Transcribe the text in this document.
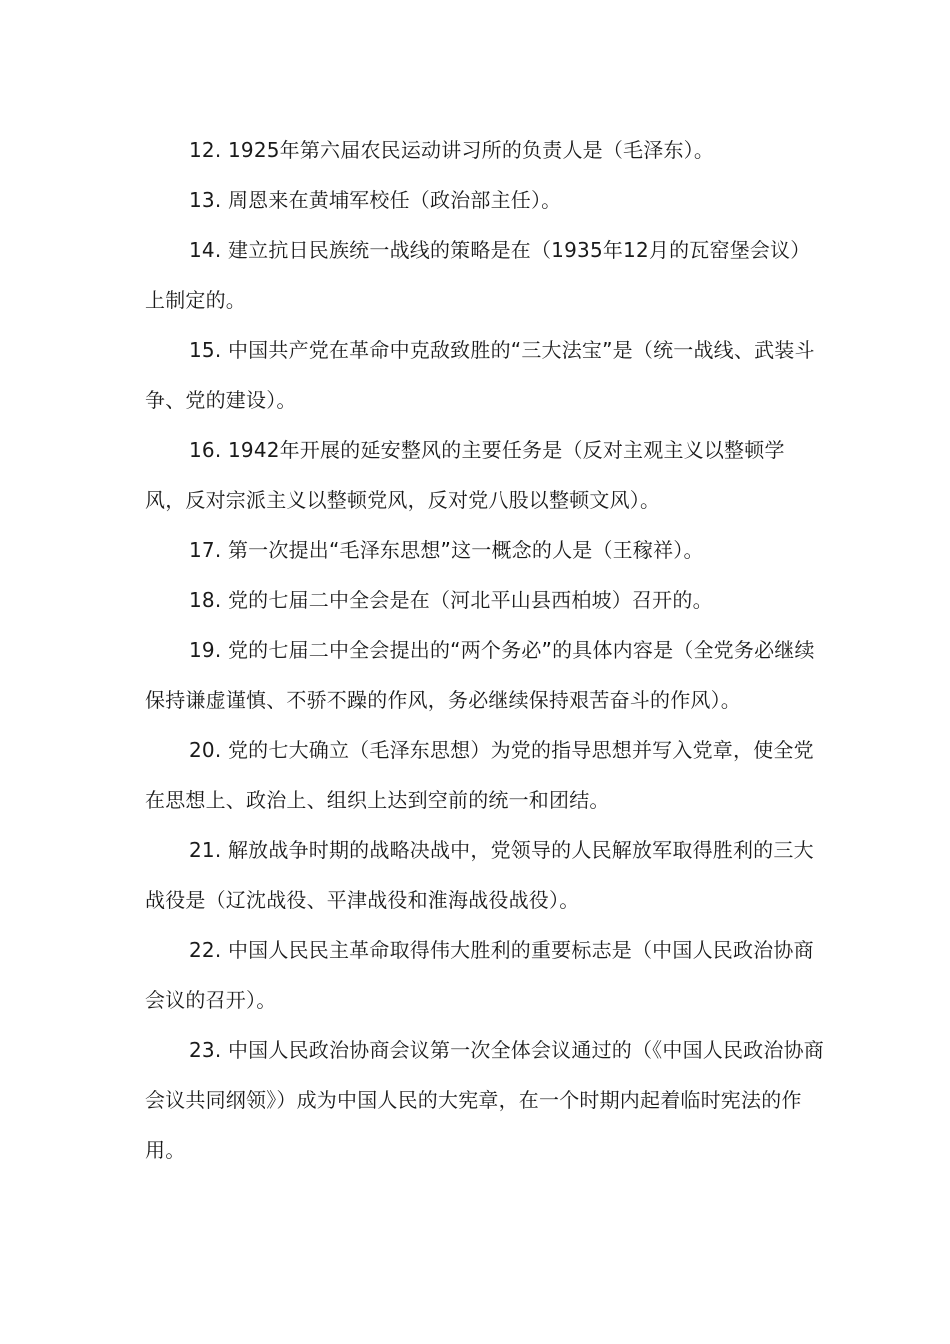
12. 1925年第六届农民运动讲习所的负责人是（毛泽东）。

13. 周恩来在黄埔军校任（政治部主任）。

14. 建立抗日民族统一战线的策略是在（1935年12月的瓦窑堡会议）上制定的。

15. 中国共产党在革命中克敌致胜的“三大法宝”是（统一战线、武装斗争、党的建设）。

16. 1942年开展的延安整风的主要任务是（反对主观主义以整顿学风，反对宗派主义以整顿党风，反对党八股以整顿文风）。

17. 第一次提出“毛泽东思想”这一概念的人是（王稼祥）。

18. 党的七届二中全会是在（河北平山县西柏坡）召开的。

19. 党的七届二中全会提出的“两个务必”的具体内容是（全党务必继续保持谦虚谨慎、不骄不躁的作风，务必继续保持艰苦奋斗的作风）。

20. 党的七大确立（毛泽东思想）为党的指导思想并写入党章，使全党在思想上、政治上、组织上达到空前的统一和团结。

21. 解放战争时期的战略决战中，党领导的人民解放军取得胜利的三大战役是（辽沈战役、平津战役和淮海战役战役）。

22. 中国人民民主革命取得伟大胜利的重要标志是（中国人民政治协商会议的召开）。

23. 中国人民政治协商会议第一次全体会议通过的（《中国人民政治协商会议共同纲领》）成为中国人民的大宪章，在一个时期内起着临时宪法的作用。
